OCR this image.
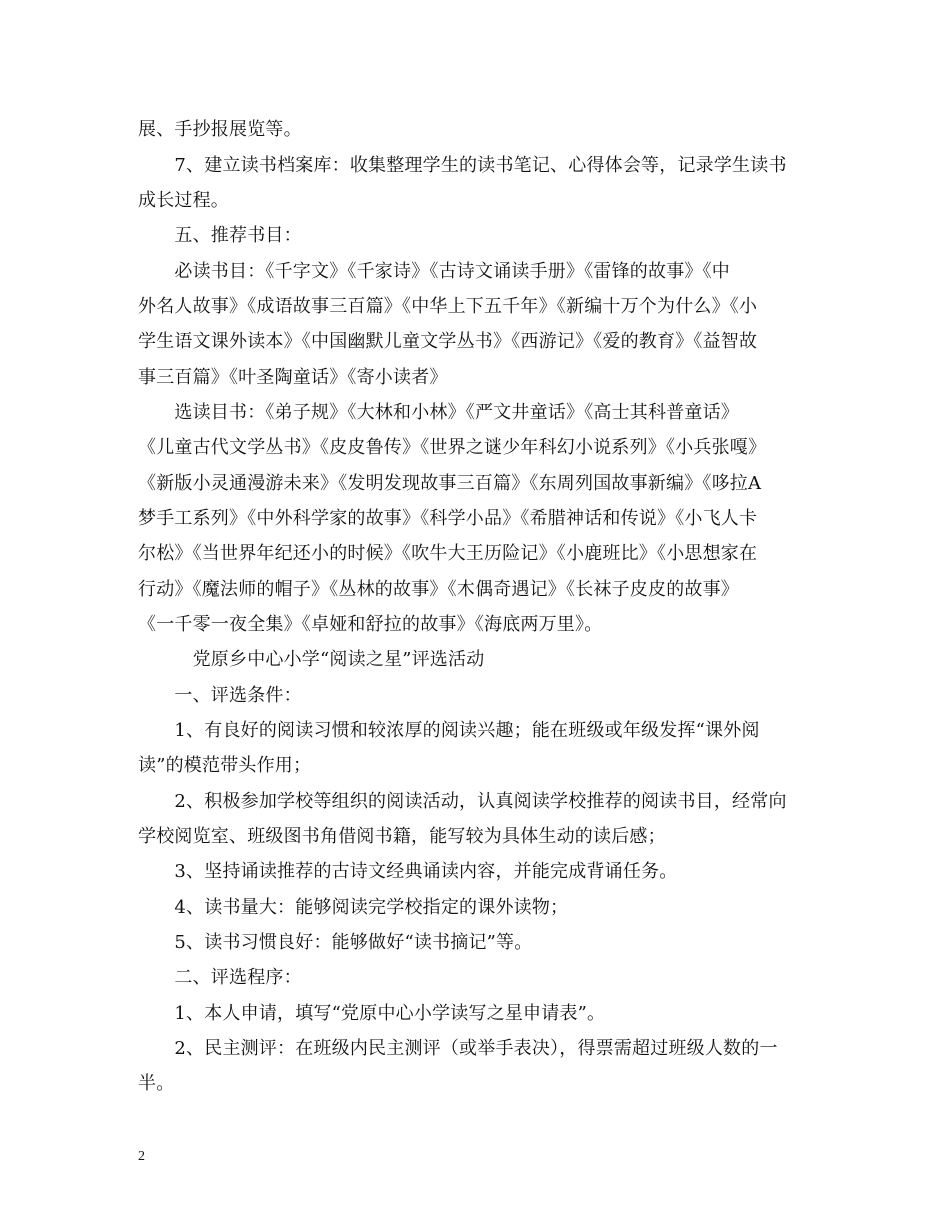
展、手抄报展览等。

　　7、建立读书档案库：收集整理学生的读书笔记、心得体会等，记录学生读书

成长过程。

　　五、推荐书目：

　　必读书目：《千字文》《千家诗》《古诗文诵读手册》《雷锋的故事》《中

外名人故事》《成语故事三百篇》《中华上下五千年》《新编十万个为什么》《小

学生语文课外读本》《中国幽默儿童文学丛书》《西游记》《爱的教育》《益智故

事三百篇》《叶圣陶童话》《寄小读者》

　　选读目书：《弟子规》《大林和小林》《严文井童话》《高士其科普童话》

《儿童古代文学丛书》《皮皮鲁传》《世界之谜少年科幻小说系列》《小兵张嘎》

《新版小灵通漫游未来》《发明发现故事三百篇》《东周列国故事新编》《哆拉A

梦手工系列》《中外科学家的故事》《科学小品》《希腊神话和传说》《小飞人卡

尔松》《当世界年纪还小的时候》《吹牛大王历险记》《小鹿班比》《小思想家在

行动》《魔法师的帽子》《丛林的故事》《木偶奇遇记》《长袜子皮皮的故事》

《一千零一夜全集》《卓娅和舒拉的故事》《海底两万里》。

　　　党原乡中心小学“阅读之星”评选活动

　　一、评选条件：

　　1、有良好的阅读习惯和较浓厚的阅读兴趣；能在班级或年级发挥“课外阅

读”的模范带头作用；

　　2、积极参加学校等组织的阅读活动，认真阅读学校推荐的阅读书目，经常向

学校阅览室、班级图书角借阅书籍，能写较为具体生动的读后感；

　　3、坚持诵读推荐的古诗文经典诵读内容，并能完成背诵任务。

　　4、读书量大：能够阅读完学校指定的课外读物；

　　5、读书习惯良好：能够做好“读书摘记”等。

　　二、评选程序：

　　1、本人申请，填写“党原中心小学读写之星申请表”。

　　2、民主测评：在班级内民主测评（或举手表决），得票需超过班级人数的一

半。

2
